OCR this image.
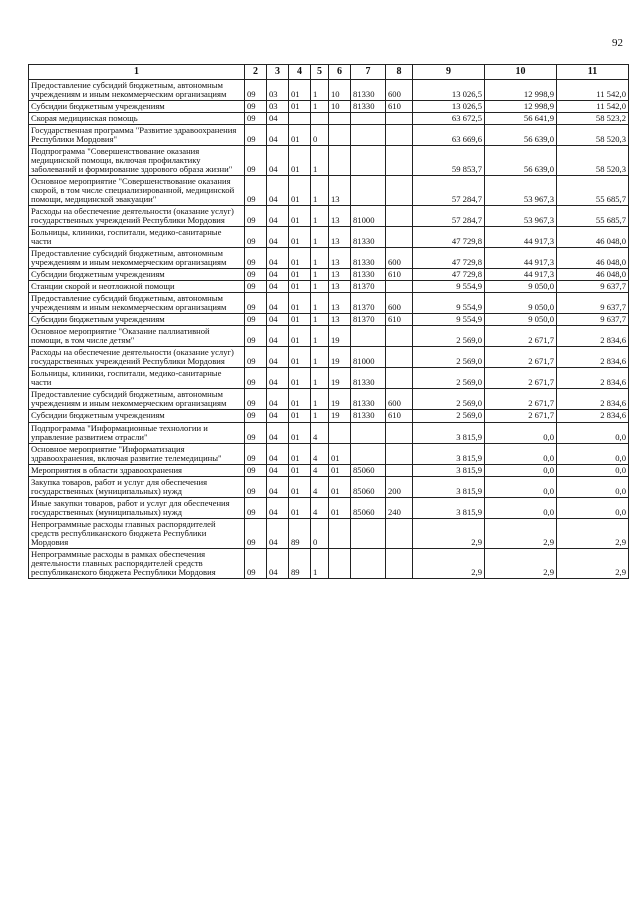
92
1	2	3	4	5	6	7	8	9	10	11
Предоставление субсидий бюджетным, автономным учреждениям и иным некоммерческим организациям	09	03	01	1	10	81330	600	13 026,5	12 998,9	11 542,0
Субсидии бюджетным учреждениям	09	03	01	1	10	81330	610	13 026,5	12 998,9	11 542,0
Скорая медицинская помощь	09	04						63 672,5	56 641,9	58 523,2
Государственная программа "Развитие здравоохранения Республики Мордовия"	09	04	01	0				63 669,6	56 639,0	58 520,3
Подпрограмма "Совершенствование оказания медицинской помощи, включая профилактику заболеваний и формирование здорового образа жизни"	09	04	01	1				59 853,7	56 639,0	58 520,3
Основное мероприятие "Совершенствование оказания скорой, в том числе специализированной, медицинской помощи, медицинской эвакуации"	09	04	01	1	13			57 284,7	53 967,3	55 685,7
Расходы на обеспечение деятельности (оказание услуг) государственных учреждений Республики Мордовия	09	04	01	1	13	81000		57 284,7	53 967,3	55 685,7
Больницы, клиники, госпитали, медико-санитарные части	09	04	01	1	13	81330		47 729,8	44 917,3	46 048,0
Предоставление субсидий бюджетным, автономным учреждениям и иным некоммерческим организациям	09	04	01	1	13	81330	600	47 729,8	44 917,3	46 048,0
Субсидии бюджетным учреждениям	09	04	01	1	13	81330	610	47 729,8	44 917,3	46 048,0
Станции скорой и неотложной помощи	09	04	01	1	13	81370		9 554,9	9 050,0	9 637,7
Предоставление субсидий бюджетным, автономным учреждениям и иным некоммерческим организациям	09	04	01	1	13	81370	600	9 554,9	9 050,0	9 637,7
Субсидии бюджетным учреждениям	09	04	01	1	13	81370	610	9 554,9	9 050,0	9 637,7
Основное мероприятие "Оказание паллиативной помощи, в том числе детям"	09	04	01	1	19			2 569,0	2 671,7	2 834,6
Расходы на обеспечение деятельности (оказание услуг) государственных учреждений Республики Мордовия	09	04	01	1	19	81000		2 569,0	2 671,7	2 834,6
Больницы, клиники, госпитали, медико-санитарные части	09	04	01	1	19	81330		2 569,0	2 671,7	2 834,6
Предоставление субсидий бюджетным, автономным учреждениям и иным некоммерческим организациям	09	04	01	1	19	81330	600	2 569,0	2 671,7	2 834,6
Субсидии бюджетным учреждениям	09	04	01	1	19	81330	610	2 569,0	2 671,7	2 834,6
Подпрограмма "Информационные технологии и управление развитием отрасли"	09	04	01	4				3 815,9	0,0	0,0
Основное мероприятие "Информатизация здравоохранения, включая развитие телемедицины"	09	04	01	4	01			3 815,9	0,0	0,0
Мероприятия в области здравоохранения	09	04	01	4	01	85060		3 815,9	0,0	0,0
Закупка товаров, работ и услуг для обеспечения государственных (муниципальных) нужд	09	04	01	4	01	85060	200	3 815,9	0,0	0,0
Иные закупки товаров, работ и услуг для обеспечения государственных (муниципальных) нужд	09	04	01	4	01	85060	240	3 815,9	0,0	0,0
Непрограммные расходы главных распорядителей средств республиканского бюджета Республики Мордовия	09	04	89	0				2,9	2,9	2,9
Непрограммные расходы в рамках обеспечения деятельности главных распорядителей средств республиканского бюджета Республики Мордовия	09	04	89	1				2,9	2,9	2,9
